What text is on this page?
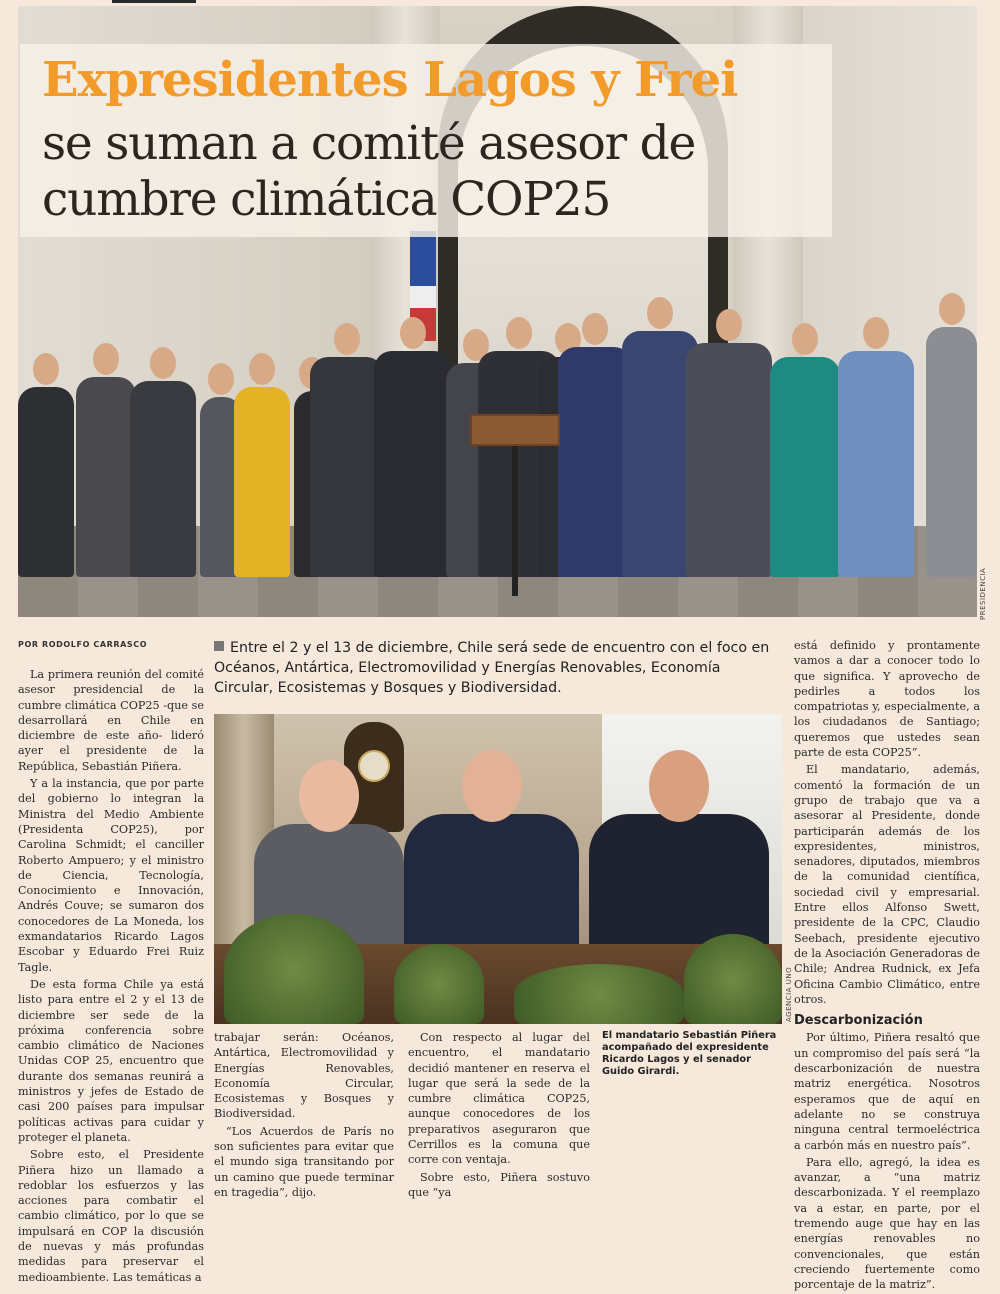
Expresidentes Lagos y Frei
se suman a comité asesor de
cumbre climática COP25
PRESIDENCIA
POR RODOLFO CARRASCO	Entre el 2 y el 13 de diciembre, Chile será sede de encuentro con el foco en Océanos, Antártica, Electromovilidad y Energías Renovables, Economía Circular, Ecosistemas y Bosques y Biodiversidad.

La primera reunión del comité asesor presidencial de la cumbre climática COP25 -que se desarrollará en Chile en diciembre de este año- lideró ayer el presidente de la República, Sebastián Piñera.

Y a la instancia, que por parte del gobierno lo integran la Ministra del Medio Ambiente (Presidenta COP25), por Carolina Schmidt; el canciller Roberto Ampuero; y el ministro de Ciencia, Tecnología, Conocimiento e Innovación, Andrés Couve; se sumaron dos conocedores de La Moneda, los exmandatarios Ricardo Lagos Escobar y Eduardo Frei Ruiz Tagle.

De esta forma Chile ya está listo para entre el 2 y el 13 de diciembre ser sede de la próxima conferencia sobre cambio climático de Naciones Unidas COP 25, encuentro que durante dos semanas reunirá a ministros y jefes de Estado de casi 200 países para impulsar políticas activas para cuidar y proteger el planeta.

Sobre esto, el Presidente Piñera hizo un llamado a redoblar los esfuerzos y las acciones para combatir el cambio climático, por lo que se impulsará en COP la discusión de nuevas y más profundas medidas para preservar el medioambiente. Las temáticas a

AGENCIA UNO

trabajar serán: Océanos, Antártica, Electromovilidad y Energías Renovables, Economía Circular, Ecosistemas y Bosques y Biodiversidad.

“Los Acuerdos de París no son suficientes para evitar que el mundo siga transitando por un camino que puede terminar en tragedia”, dijo.

Con respecto al lugar del encuentro, el mandatario decidió mantener en reserva el lugar que será la sede de la cumbre climática COP25, aunque conocedores de los preparativos aseguraron que Cerrillos es la comuna que corre con ventaja.

Sobre esto, Piñera sostuvo que “ya

El mandatario Sebastián Piñera acompañado del expresidente Ricardo Lagos y el senador Guido Girardi.

está definido y prontamente vamos a dar a conocer todo lo que significa. Y aprovecho de pedirles a todos los compatriotas y, especialmente, a los ciudadanos de Santiago; queremos que ustedes sean parte de esta COP25”.

El mandatario, además, comentó la formación de un grupo de trabajo que va a asesorar al Presidente, donde participarán además de los expresidentes, ministros, senadores, diputados, miembros de la comunidad científica, sociedad civil y empresarial. Entre ellos Alfonso Swett, presidente de la CPC, Claudio Seebach, presidente ejecutivo de la Asociación Generadoras de Chile; Andrea Rudnick, ex Jefa Oficina Cambio Climático, entre otros.

Descarbonización

Por último, Piñera resaltó que un compromiso del país será “la descarbonización de nuestra matriz energética. Nosotros esperamos que de aquí en adelante no se construya ninguna central termoeléctrica a carbón más en nuestro país”.

Para ello, agregó, la idea es avanzar, a “una matriz descarbonizada. Y el reemplazo va a estar, en parte, por el tremendo auge que hay en las energías renovables no convencionales, que están creciendo fuertemente como porcentaje de la matriz”.
